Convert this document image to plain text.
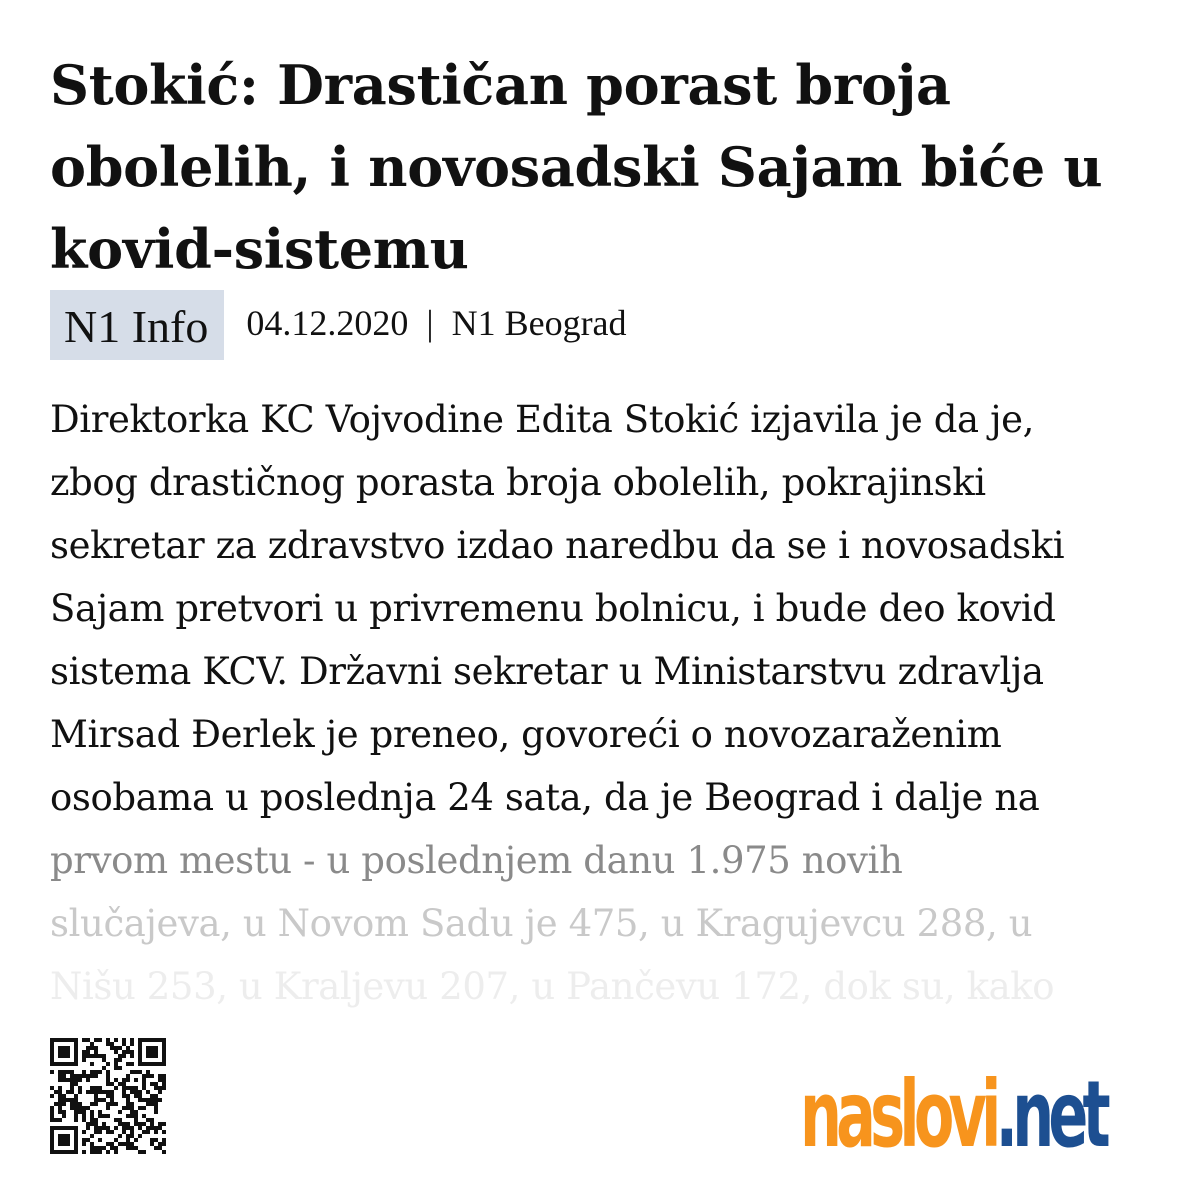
Stokić: Drastičan porast broja obolelih, i novosadski Sajam biće u kovid-sistemu
N1 Info	04.12.2020 | N1 Beograd
Direktorka KC Vojvodine Edita Stokić izjavila je da je,
zbog drastičnog porasta broja obolelih, pokrajinski
sekretar za zdravstvo izdao naredbu da se i novosadski
Sajam pretvori u privremenu bolnicu, i bude deo kovid
sistema KCV. Državni sekretar u Ministarstvu zdravlja
Mirsad Đerlek je preneo, govoreći o novozaraženim
osobama u poslednja 24 sata, da je Beograd i dalje na
prvom mestu - u poslednjem danu 1.975 novih
slučajeva, u Novom Sadu je 475, u Kragujevcu 288, u
Nišu 253, u Kraljevu 207, u Pančevu 172, dok su, kako
naslovi.net
